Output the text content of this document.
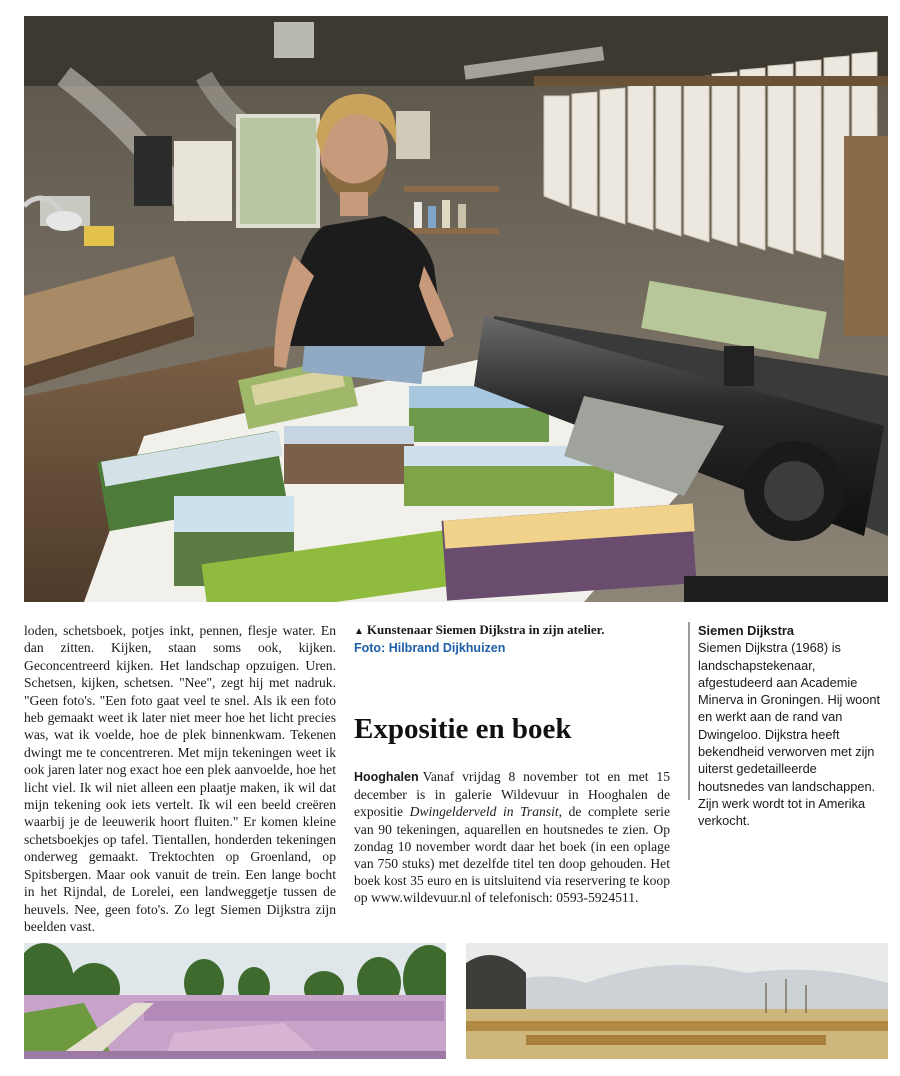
loden, schetsboek, potjes inkt, pennen, flesje water. En dan zitten. Kijken, staan soms ook, kijken. Geconcentreerd kijken. Het landschap opzuigen. Uren. Schetsen, kijken, schetsen. "Nee", zegt hij met nadruk. "Geen foto's. "Een foto gaat veel te snel. Als ik een foto heb gemaakt weet ik later niet meer hoe het licht precies was, wat ik voelde, hoe de plek binnenkwam. Tekenen dwingt me te concentreren. Met mijn tekeningen weet ik ook jaren later nog exact hoe een plek aanvoelde, hoe het licht viel. Ik wil niet alleen een plaatje maken, ik wil dat mijn tekening ook iets vertelt. Ik wil een beeld creëren waarbij je de leeuwerik hoort fluiten." Er komen kleine schetsboekjes op tafel. Tientallen, honderden tekeningen onderweg gemaakt. Trektochten op Groenland, op Spitsbergen. Maar ook vanuit de trein. Een lange bocht in het Rijndal, de Lorelei, een landweggetje tussen de heuvels. Nee, geen foto's. Zo legt Siemen Dijkstra zijn beelden vast.

▲ Kunstenaar Siemen Dijkstra in zijn atelier.
Foto: Hilbrand Dijkhuizen
Expositie en boek

Hooghalen Vanaf vrijdag 8 november tot en met 15 december is in galerie Wildevuur in Hooghalen de expositie Dwingelderveld in Transit, de complete serie van 90 tekeningen, aquarellen en houtsnedes te zien. Op zondag 10 november wordt daar het boek (in een oplage van 750 stuks) met dezelfde titel ten doop gehouden. Het boek kost 35 euro en is uitsluitend via reservering te koop op www.wildevuur.nl of telefonisch: 0593-5924511.

Siemen Dijkstra
Siemen Dijkstra (1968) is landschapstekenaar, afgestudeerd aan Academie Minerva in Groningen. Hij woont en werkt aan de rand van Dwingeloo. Dijkstra heeft bekendheid verworven met zijn uiterst gedetailleerde houtsnedes van landschappen. Zijn werk wordt tot in Amerika verkocht.
